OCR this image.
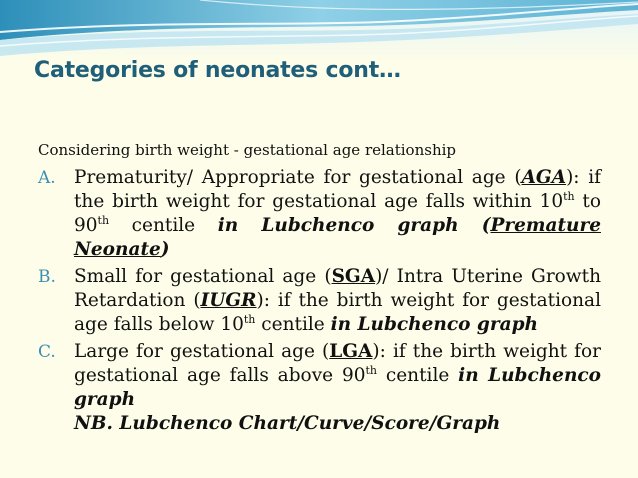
Categories of neonates cont…

Considering birth weight - gestational age relationship

A. Prematurity/ Appropriate for gestational age (AGA): if the birth weight for gestational age falls within 10th to 90th centile in Lubchenco graph (Premature Neonate)
B. Small for gestational age (SGA)/ Intra Uterine Growth Retardation (IUGR): if the birth weight for gestational age falls below 10th centile in Lubchenco graph
C. Large for gestational age (LGA): if the birth weight for gestational age falls above 90th centile in Lubchenco graph

NB. Lubchenco Chart/Curve/Score/Graph
